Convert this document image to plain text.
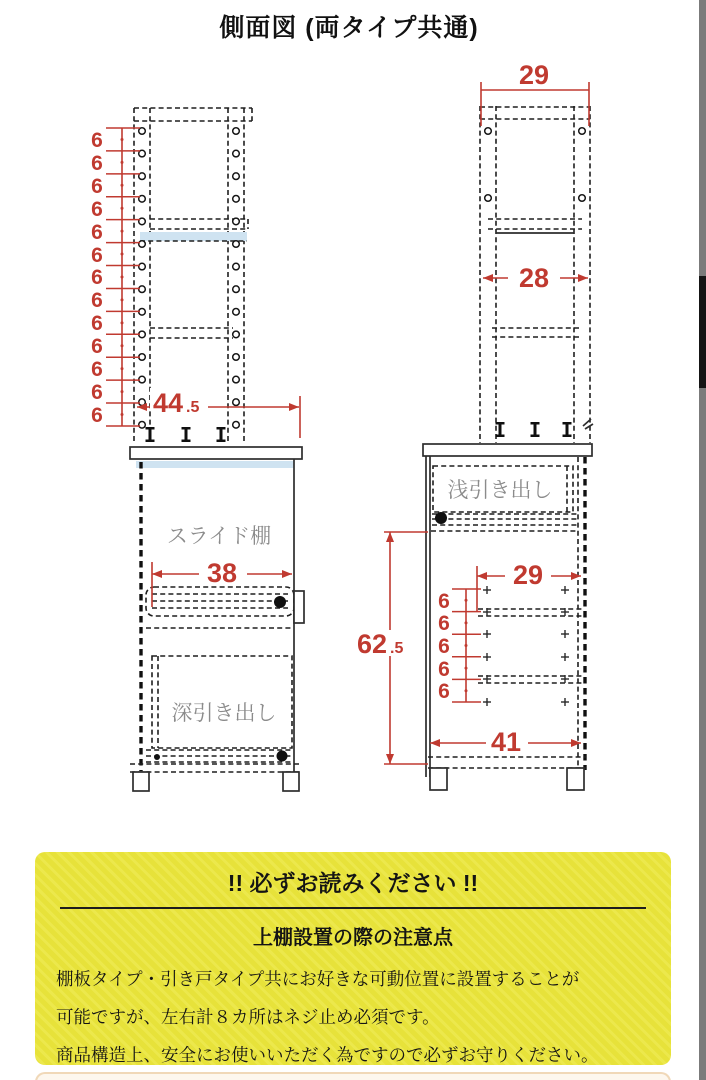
側面図 (両タイプ共通)
6
6
6
6
6
6
6
6
6
6
6
6
6 44 .5
スライド棚
深引き出し
38
29
28
浅引き出し
62 .5
29
6
6
6
6
6
41
!! 必ずお読みください !!
上棚設置の際の注意点
棚板タイプ・引き戸タイプ共にお好きな可動位置に設置することが
可能ですが、左右計８カ所はネジ止め必須です。
商品構造上、安全にお使いいただく為ですので必ずお守りください。
